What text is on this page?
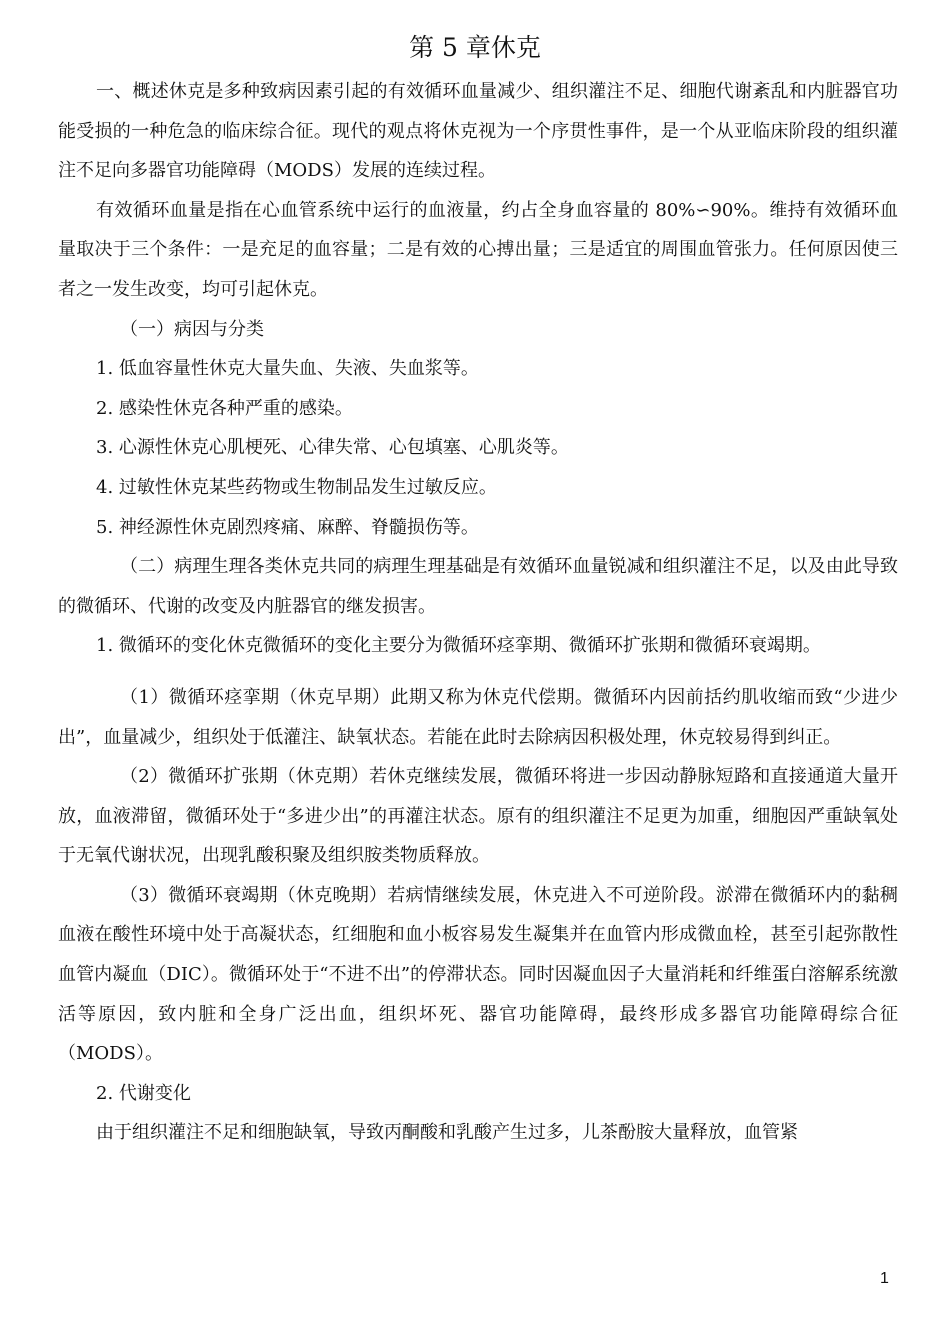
第 5 章休克

一、概述休克是多种致病因素引起的有效循环血量减少、组织灌注不足、细胞代谢紊乱和内脏器官功能受损的一种危急的临床综合征。现代的观点将休克视为一个序贯性事件，是一个从亚临床阶段的组织灌注不足向多器官功能障碍（MODS）发展的连续过程。

有效循环血量是指在心血管系统中运行的血液量，约占全身血容量的 80%∽90%。维持有效循环血量取决于三个条件：一是充足的血容量；二是有效的心搏出量；三是适宜的周围血管张力。任何原因使三者之一发生改变，均可引起休克。

（一）病因与分类

1. 低血容量性休克大量失血、失液、失血浆等。

2. 感染性休克各种严重的感染。

3. 心源性休克心肌梗死、心律失常、心包填塞、心肌炎等。

4. 过敏性休克某些药物或生物制品发生过敏反应。

5. 神经源性休克剧烈疼痛、麻醉、脊髓损伤等。

（二）病理生理各类休克共同的病理生理基础是有效循环血量锐减和组织灌注不足，以及由此导致的微循环、代谢的改变及内脏器官的继发损害。

1. 微循环的变化休克微循环的变化主要分为微循环痉挛期、微循环扩张期和微循环衰竭期。

（1）微循环痉挛期（休克早期）此期又称为休克代偿期。微循环内因前括约肌收缩而致“少进少出”，血量减少，组织处于低灌注、缺氧状态。若能在此时去除病因积极处理，休克较易得到纠正。

（2）微循环扩张期（休克期）若休克继续发展，微循环将进一步因动静脉短路和直接通道大量开放，血液滞留，微循环处于“多进少出”的再灌注状态。原有的组织灌注不足更为加重，细胞因严重缺氧处于无氧代谢状况，出现乳酸积聚及组织胺类物质释放。

（3）微循环衰竭期（休克晚期）若病情继续发展，休克进入不可逆阶段。淤滞在微循环内的黏稠血液在酸性环境中处于高凝状态，红细胞和血小板容易发生凝集并在血管内形成微血栓，甚至引起弥散性血管内凝血（DIC）。微循环处于“不进不出”的停滞状态。同时因凝血因子大量消耗和纤维蛋白溶解系统激活等原因，致内脏和全身广泛出血，组织坏死、器官功能障碍，最终形成多器官功能障碍综合征（MODS）。

2. 代谢变化

由于组织灌注不足和细胞缺氧，导致丙酮酸和乳酸产生过多，儿茶酚胺大量释放，血管紧

1
